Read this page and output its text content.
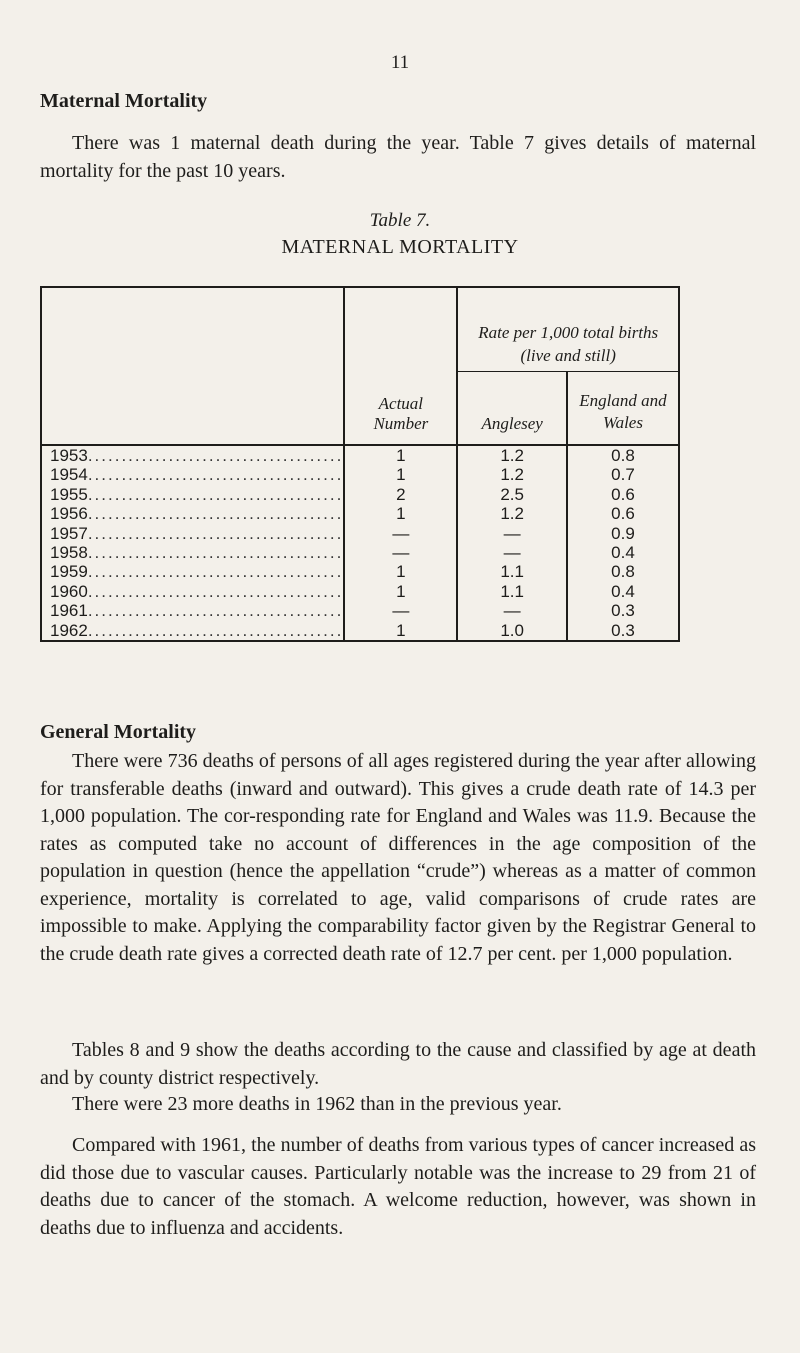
11
Maternal Mortality

There was 1 maternal death during the year. Table 7 gives details of maternal mortality for the past 10 years.

Table 7.
MATERNAL MORTALITY
	Actual Number	Rate per 1,000 total births (live and still)	
		Anglesey	England and Wales
1953......................................	1	1.2	0.8
1954......................................	1	1.2	0.7
1955......................................	2	2.5	0.6
1956......................................	1	1.2	0.6
1957......................................	—	—	0.9
1958......................................	—	—	0.4
1959......................................	1	1.1	0.8
1960......................................	1	1.1	0.4
1961......................................	—	—	0.3
1962......................................	1	1.0	0.3
General Mortality

There were 736 deaths of persons of all ages registered during the year after allowing for transferable deaths (inward and outward). This gives a crude death rate of 14.3 per 1,000 population. The cor-responding rate for England and Wales was 11.9. Because the rates as computed take no account of differences in the age composition of the population in question (hence the appellation “crude”) whereas as a matter of common experience, mortality is correlated to age, valid comparisons of crude rates are impossible to make. Applying the comparability factor given by the Registrar General to the crude death rate gives a corrected death rate of 12.7 per cent. per 1,000 population.

Tables 8 and 9 show the deaths according to the cause and classified by age at death and by county district respectively.

There were 23 more deaths in 1962 than in the previous year.

Compared with 1961, the number of deaths from various types of cancer increased as did those due to vascular causes. Particularly notable was the increase to 29 from 21 of deaths due to cancer of the stomach. A welcome reduction, however, was shown in deaths due to influenza and accidents.
